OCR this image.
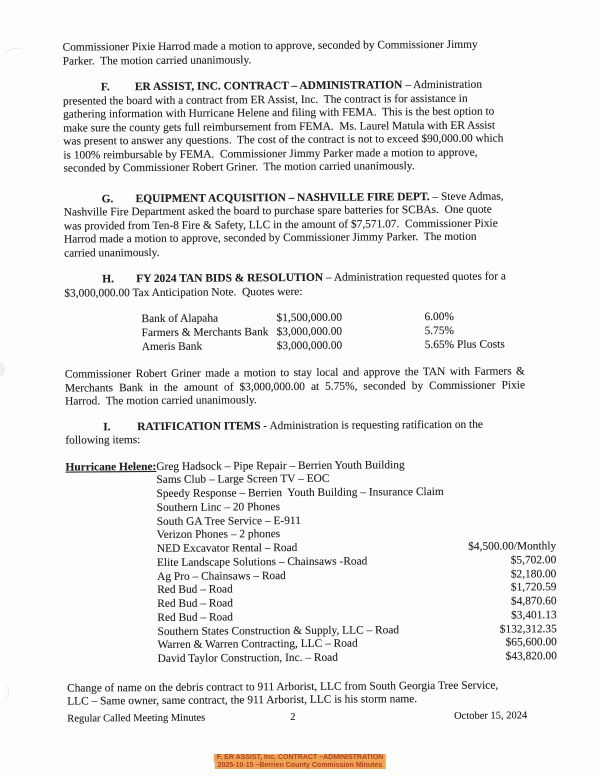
Commissioner Pixie Harrod made a motion to approve, seconded by Commissioner Jimmy
Parker.  The motion carried unanimously.
F. ER ASSIST, INC. CONTRACT – ADMINISTRATION – Administration
presented the board with a contract from ER Assist, Inc.  The contract is for assistance in
gathering information with Hurricane Helene and filing with FEMA.  This is the best option to
make sure the county gets full reimbursement from FEMA.  Ms. Laurel Matula with ER Assist
was present to answer any questions.  The cost of the contract is not to exceed $90,000.00 which
is 100% reimbursable by FEMA.  Commissioner Jimmy Parker made a motion to approve,
seconded by Commissioner Robert Griner.  The motion carried unanimously.
G. EQUIPMENT ACQUISITION – NASHVILLE FIRE DEPT. – Steve Admas,
Nashville Fire Department asked the board to purchase spare batteries for SCBAs.  One quote
was provided from Ten-8 Fire & Safety, LLC in the amount of $7,571.07.  Commissioner Pixie
Harrod made a motion to approve, seconded by Commissioner Jimmy Parker.  The motion
carried unanimously.
H. FY 2024 TAN BIDS & RESOLUTION – Administration requested quotes for a
$3,000,000.00 Tax Anticipation Note.  Quotes were:
Bank of Alapaha	$1,500,000.00	6.00%
Farmers & Merchants Bank $3,000,000.00	5.75%
Ameris Bank	$3,000,000.00	5.65% Plus Costs
Commissioner Robert Griner made a motion to stay local and approve the TAN with Farmers &
Merchants Bank in the amount of $3,000,000.00 at 5.75%, seconded by Commissioner Pixie
Harrod.  The motion carried unanimously.
I. RATIFICATION ITEMS - Administration is requesting ratification on the
following items:
Hurricane Helene: Greg Hadsock – Pipe Repair – Berrien Youth Building
Sams Club – Large Screen TV – EOC
Speedy Response – Berrien  Youth Building – Insurance Claim
Southern Linc – 20 Phones
South GA Tree Service – E-911
Verizon Phones – 2 phones
NED Excavator Rental – Road	$4,500.00/Monthly
Elite Landscape Solutions – Chainsaws -Road	$5,702.00
Ag Pro – Chainsaws – Road	$2,180.00
Red Bud – Road	$1,720.59
Red Bud – Road	$4,870.60
Red Bud – Road	$3,401.13
Southern States Construction & Supply, LLC – Road	$132,312.35
Warren & Warren Contracting, LLC – Road	$65,600.00
David Taylor Construction, Inc. – Road	$43,820.00
Change of name on the debris contract to 911 Arborist, LLC from South Georgia Tree Service,
LLC – Same owner, same contract, the 911 Arborist, LLC is his storm name.
Regular Called Meeting Minutes	2	October 15, 2024
F. ER ASSIST, Inc. CONTRACT –ADMINISTRATION
2025-10-15 –Berrien County Commission Minutes
